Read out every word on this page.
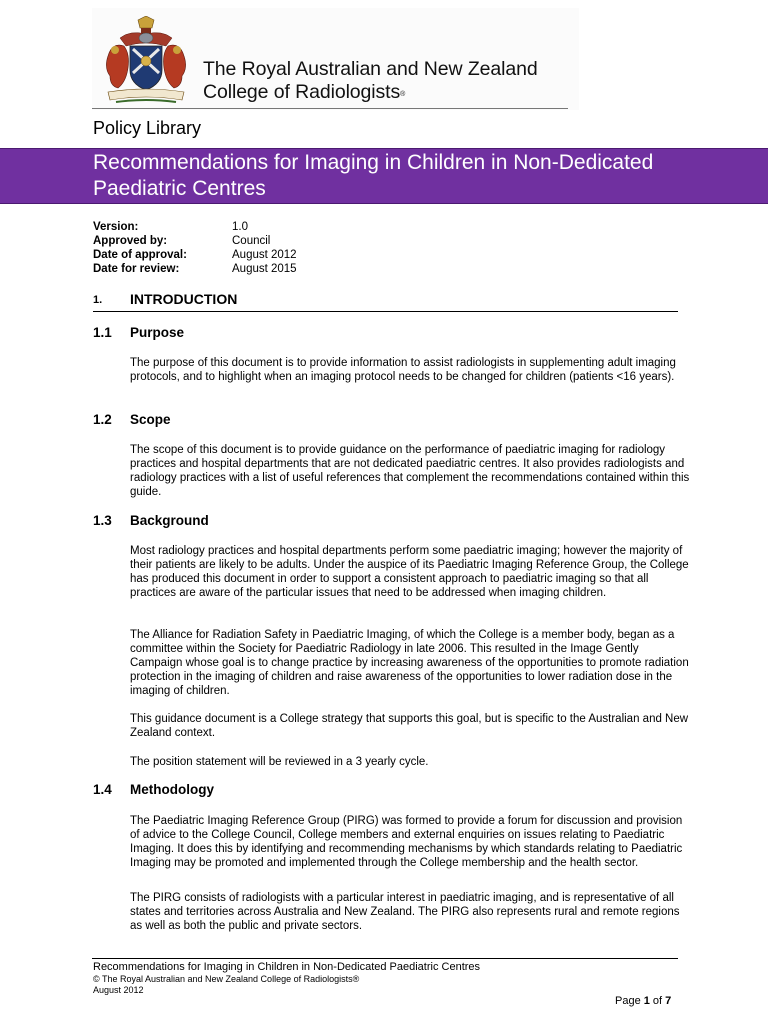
The Royal Australian and New Zealand
College of Radiologists®
Policy Library
Recommendations for Imaging in Children in Non-Dedicated Paediatric Centres
Version:	1.0
Approved by:	Council
Date of approval:	August 2012
Date for review:	August 2015
1. INTRODUCTION
1.1 Purpose

The purpose of this document is to provide information to assist radiologists in supplementing adult imaging protocols, and to highlight when an imaging protocol needs to be changed for children (patients <16 years).

1.2 Scope

The scope of this document is to provide guidance on the performance of paediatric imaging for radiology practices and hospital departments that are not dedicated paediatric centres. It also provides radiologists and radiology practices with a list of useful references that complement the recommendations contained within this guide.

1.3 Background

Most radiology practices and hospital departments perform some paediatric imaging; however the majority of their patients are likely to be adults. Under the auspice of its Paediatric Imaging Reference Group, the College has produced this document in order to support a consistent approach to paediatric imaging so that all practices are aware of the particular issues that need to be addressed when imaging children.

The Alliance for Radiation Safety in Paediatric Imaging, of which the College is a member body, began as a committee within the Society for Paediatric Radiology in late 2006. This resulted in the Image Gently Campaign whose goal is to change practice by increasing awareness of the opportunities to promote radiation protection in the imaging of children and raise awareness of the opportunities to lower radiation dose in the imaging of children.

This guidance document is a College strategy that supports this goal, but is specific to the Australian and New Zealand context.

The position statement will be reviewed in a 3 yearly cycle.

1.4 Methodology

The Paediatric Imaging Reference Group (PIRG) was formed to provide a forum for discussion and provision of advice to the College Council, College members and external enquiries on issues relating to Paediatric Imaging. It does this by identifying and recommending mechanisms by which standards relating to Paediatric Imaging may be promoted and implemented through the College membership and the health sector.

The PIRG consists of radiologists with a particular interest in paediatric imaging, and is representative of all states and territories across Australia and New Zealand. The PIRG also represents rural and remote regions as well as both the public and private sectors.

Recommendations for Imaging in Children in Non-Dedicated Paediatric Centres
© The Royal Australian and New Zealand College of Radiologists®
August 2012
Page 1 of 7
